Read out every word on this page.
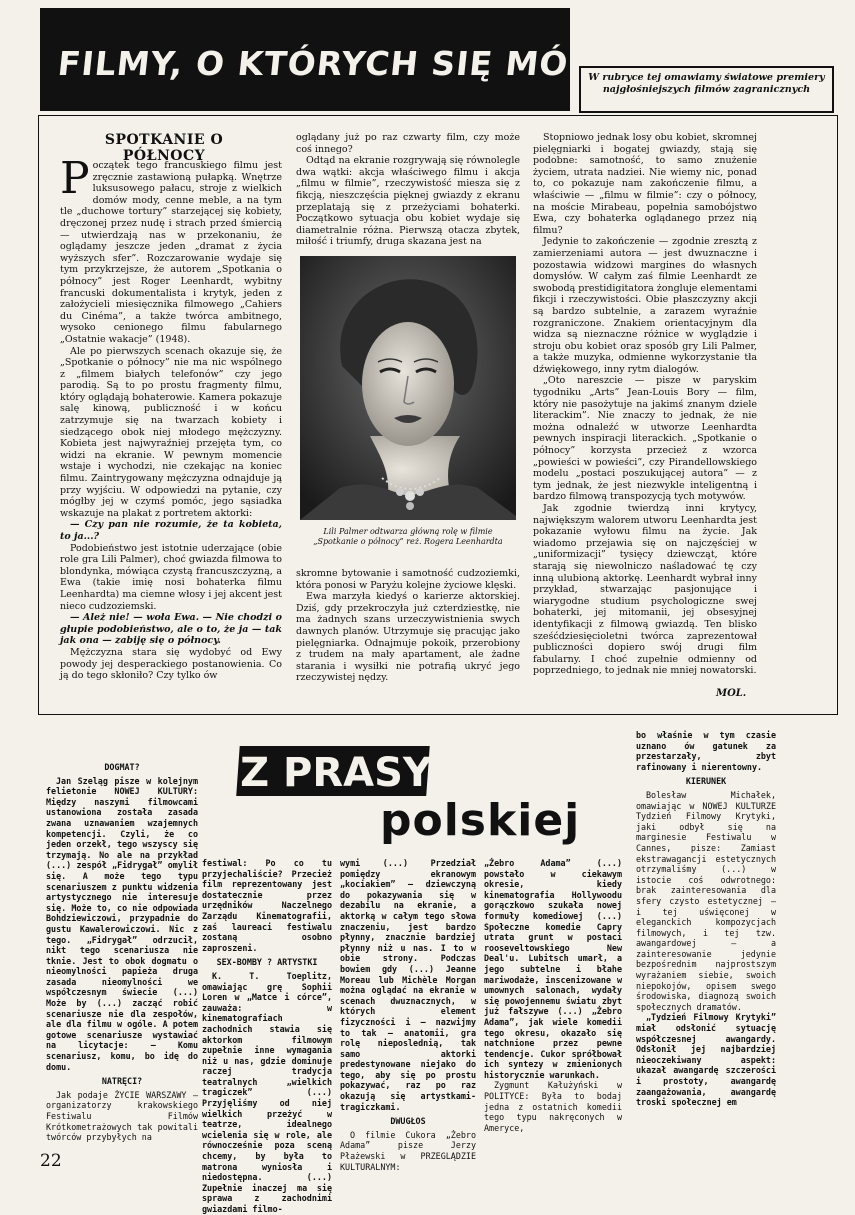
FILMY, O KTÓRYCH SIĘ MÓWI
W rubryce tej omawiamy światowe premiery najgłośniejszych filmów zagranicznych
SPOTKANIE O PÓŁNOCY

Początek tego francuskiego filmu jest zręcznie zastawioną pułapką. Wnętrze luksusowego pałacu, stroje z wielkich domów mody, cenne meble, a na tym tle „duchowe tortury” starzejącej się kobiety, dręczonej przez nudę i strach przed śmiercią — utwierdzają nas w przekonaniu, że oglądamy jeszcze jeden „dramat z życia wyższych sfer”. Rozczarowanie wydaje się tym przykrzejsze, że autorem „Spotkania o północy” jest Roger Leenhardt, wybitny francuski dokumentalista i krytyk, jeden z założycieli miesięcznika filmowego „Cahiers du Cinéma”, a także twórca ambitnego, wysoko cenionego filmu fabularnego „Ostatnie wakacje” (1948).

Ale po pierwszych scenach okazuje się, że „Spotkanie o północy” nie ma nic wspólnego z „filmem białych telefonów” czy jego parodią. Są to po prostu fragmenty filmu, który oglądają bohaterowie. Kamera pokazuje salę kinową, publiczność i w końcu zatrzymuje się na twarzach kobiety i siedzącego obok niej młodego mężczyzny. Kobieta jest najwyraźniej przejęta tym, co widzi na ekranie. W pewnym momencie wstaje i wychodzi, nie czekając na koniec filmu. Zaintrygowany mężczyzna odnajduje ją przy wyjściu. W odpowiedzi na pytanie, czy mógłby jej w czymś pomóc, jego sąsiadka wskazuje na plakat z portretem aktorki:

— Czy pan nie rozumie, że ta kobieta, to ja...?

Podobieństwo jest istotnie uderzające (obie role gra Lili Palmer), choć gwiazda filmowa to blondynka, mówiąca czystą francuszczyzną, a Ewa (takie imię nosi bohaterka filmu Leenhardta) ma ciemne włosy i jej akcent jest nieco cudzoziemski.

— Ależ nie! — woła Ewa. — Nie chodzi o głupie podobieństwo, ale o to, że ja — tak jak ona — zabiję się o północy.

Mężczyzna stara się wydobyć od Ewy powody jej desperackiego postanowienia. Co ją do tego skłoniło? Czy tylko ów

oglądany już po raz czwarty film, czy może coś innego?

Odtąd na ekranie rozgrywają się równolegle dwa wątki: akcja właściwego filmu i akcja „filmu w filmie”, rzeczywistość miesza się z fikcją, nieszczęścia pięknej gwiazdy z ekranu przeplatają się z przeżyciami bohaterki. Początkowo sytuacja obu kobiet wydaje się diametralnie różna. Pierwszą otacza zbytek, miłość i triumfy, druga skazana jest na

Lili Palmer odtwarza główną rolę w filmie „Spotkanie o północy” reż. Rogera Leenhardta

skromne bytowanie i samotność cudzoziemki, która ponosi w Paryżu kolejne życiowe klęski.

Ewa marzyła kiedyś o karierze aktorskiej. Dziś, gdy przekroczyła już czterdziestkę, nie ma żadnych szans urzeczywistnienia swych dawnych planów. Utrzymuje się pracując jako pielęgniarka. Odnajmuje pokoik, przerobiony z trudem na mały apartament, ale żadne starania i wysiłki nie potrafią ukryć jego rzeczywistej nędzy.

Stopniowo jednak losy obu kobiet, skromnej pielęgniarki i bogatej gwiazdy, stają się podobne: samotność, to samo znużenie życiem, utrata nadziei. Nie wiemy nic, ponad to, co pokazuje nam zakończenie filmu, a właściwie — „filmu w filmie”: czy o północy, na moście Mirabeau, popełnia samobójstwo Ewa, czy bohaterka oglądanego przez nią filmu?

Jedynie to zakończenie — zgodnie zresztą z zamierzeniami autora — jest dwuznaczne i pozostawia widzowi margines do własnych domysłów. W całym zaś filmie Leenhardt ze swobodą prestidigitatora żongluje elementami fikcji i rzeczywistości. Obie płaszczyzny akcji są bardzo subtelnie, a zarazem wyraźnie rozgraniczone. Znakiem orientacyjnym dla widza są nieznaczne różnice w wyglądzie i stroju obu kobiet oraz sposób gry Lili Palmer, a także muzyka, odmienne wykorzystanie tła dźwiękowego, inny rytm dialogów.

„Oto nareszcie — pisze w paryskim tygodniku „Arts” Jean-Louis Bory — film, który nie pasożytuje na jakimś znanym dziele literackim”. Nie znaczy to jednak, że nie można odnaleźć w utworze Leenhardta pewnych inspiracji literackich. „Spotkanie o północy” korzysta przecież z wzorca „powieści w powieści”, czy Pirandellowskiego modelu „postaci poszukującej autora” — z tym jednak, że jest niezwykle inteligentną i bardzo filmową transpozycją tych motywów.

Jak zgodnie twierdzą inni krytycy, największym walorem utworu Leenhardta jest pokazanie wyłowu filmu na życie. Jak wiadomo przejawia się on najczęściej w „uniformizacji” tysięcy dziewcząt, które starają się niewolniczo naśladować tę czy inną ulubioną aktorkę. Leenhardt wybrał inny przykład, stwarzając pasjonujące i wiarygodne studium psychologiczne swej bohaterki, jej mitomanii, jej obsesyjnej identyfikacji z filmową gwiazdą. Ten blisko sześćdziesięcioletni twórca zaprezentował publiczności dopiero swój drugi film fabularny. I choć zupełnie odmienny od poprzedniego, to jednak nie mniej nowatorski.

MOL.
Z PRASY
polskiej

DOGMAT?

Jan Szeląg pisze w kolejnym felietonie NOWEJ KULTURY: Między naszymi filmowcami ustanowiona została zasada zwana uznawaniem wzajemnych kompetencji. Czyli, że co jeden orzekł, tego wszyscy się trzymają. No ale na przykład (...) zespół „Fidrygał” omylił się. A może tego typu scenariuszem z punktu widzenia artystycznego nie interesuje się. Może to, co nie odpowiada Bohdziewiczowi, przypadnie do gustu Kawalerowiczowi. Nic z tego. „Fidrygał” odrzucił, nikt tego scenariusza nie tknie. Jest to obok dogmatu o nieomylności papieża druga zasada nieomylności we współczesnym świecie (...) Może by (...) zacząć robić scenariusze nie dla zespołów, ale dla filmu w ogóle. A potem gotowe scenariusze wystawiać na licytacje: — Komu scenariusz, komu, bo idę do domu.

NATRĘCI?

Jak podaje ŻYCIE WARSZAWY — organizatorzy krakowskiego Festiwalu Filmów Krótkometrażowych tak powitali twórców przybyłych na

festiwal: Po co tu przyjechaliście? Przecież film reprezentowany jest dostatecznie przez urzędników Naczelnego Zarządu Kinematografii, zaś laureaci festiwalu zostaną osobno zaproszeni.

SEX-BOMBY ? ARTYSTKI

K. T. Toeplitz, omawiając grę Sophii Loren w „Matce i córce”, zauważa: w kinematografiach zachodnich stawia się aktorkom filmowym zupełnie inne wymagania niż u nas, gdzie dominuje raczej tradycja teatralnych „wielkich tragiczek” (...) Przyjęliśmy od niej wielkich przeżyć w teatrze, idealnego wcielenia się w role, ale równocześnie poza sceną chcemy, by była to matrona wyniosła i niedostępna. (...) Zupełnie inaczej ma się sprawa z zachodnimi gwiazdami filmo-

wymi (...) Przedział pomiędzy ekranowym „kociakiem” — dziewczyną do pokazywania się w dezabilu na ekranie, a aktorką w całym tego słowa znaczeniu, jest bardzo płynny, znacznie bardziej płynny niż u nas. I to w obie strony. Podczas bowiem gdy (...) Jeanne Moreau lub Michèle Morgan można oglądać na ekranie w scenach dwuznacznych, w których element fizyczności i — nazwijmy to tak — anatomii, gra rolę nieposlednią, tak samo aktorki predestynowane niejako do tego, aby się po prostu pokazywać, raz po raz okazują się artystkami-tragiczkami.

DWUGŁOS

O filmie Cukora „Żebro Adama” pisze Jerzy Płażewski w PRZEGLĄDZIE KULTURALNYM:

„Żebro Adama” (...) powstało w ciekawym okresie, kiedy kinematografia Hollywoodu gorączkowo szukała nowej formuły komediowej (...) Społeczne komedie Capry utrata grunt w postaci rooseveltowskiego New Deal'u. Lubitsch umarł, a jego subtelne i błahe mariwodaże, inscenizowane w umownych salonach, wydały się powojennemu światu zbyt już fałszywe (...) „Żebro Adama”, jak wiele komedii tego okresu, okazało się natchnione przez pewne tendencje. Cukor sprółbował ich syntezy w zmienionych historycznie warunkach.

Zygmunt Kałużyński w POLITYCE: Była to bodaj jedna z ostatnich komedii tego typu nakręconych w Ameryce,

bo właśnie w tym czasie uznano ów gatunek za przestarzały, zbyt rafinowany i nierentowny.

KIERUNEK

Bolesław Michałek, omawiając w NOWEJ KULTURZE Tydzień Filmowy Krytyki, jaki odbył się na marginesie Festiwalu w Cannes, pisze: Zamiast ekstrawagancji estetycznych otrzymaliśmy (...) w istocie coś odwrotnego: brak zainteresowania dla sfery czysto estetycznej — i tej uświęconej w eleganckich kompozycjach filmowych, i tej tzw. awangardowej — a zainteresowanie jedynie bezpośrednim najprostszym wyrażaniem siebie, swoich niepokojów, opisem swego środowiska, diagnozą swoich społecznych dramatów.

„Tydzień Filmowy Krytyki” miał odsłonić sytuację współczesnej awangardy. Odsłonił jej najbardziej nieoczekiwany aspekt: ukazał awangardę szczerości i prostoty, awangardę zaangażowania, awangardę troski społecznej em

22
